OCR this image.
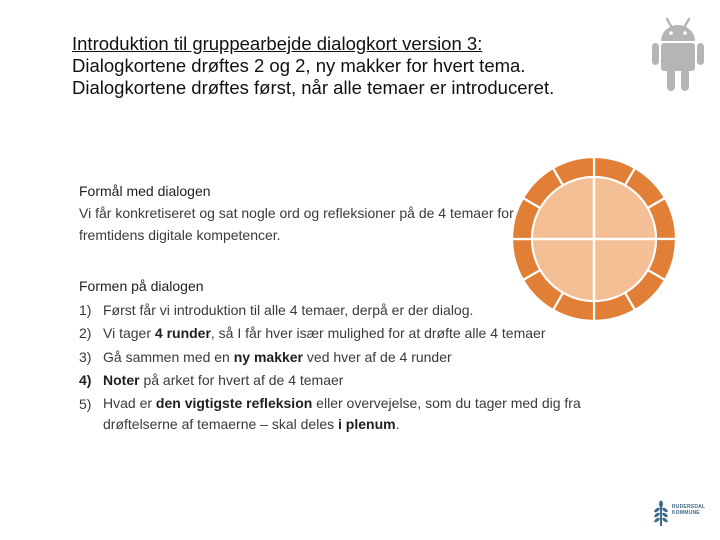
Introduktion til gruppearbejde dialogkort version 3:
Dialogkortene drøftes 2 og 2, ny makker for hvert tema.
Dialogkortene drøftes først, når alle temaer er introduceret.
Formål med dialogen
Vi får konkretiseret og sat nogle ord og refleksioner på de 4 temaer for fremtidens digitale kompetencer.
Formen på dialogen
1) Først får vi introduktion til alle 4 temaer, derpå er der dialog.
2) Vi tager 4 runder, så I får hver især mulighed for at drøfte alle 4 temaer
3) Gå sammen med en ny makker ved hver af de 4 runder
4) Noter på arket for hvert af de 4 temaer
5) Hvad er den vigtigste refleksion eller overvejelse, som du tager med dig fra
drøftelserne af temaerne – skal deles i plenum.
RUDERSDAL
KOMMUNE
